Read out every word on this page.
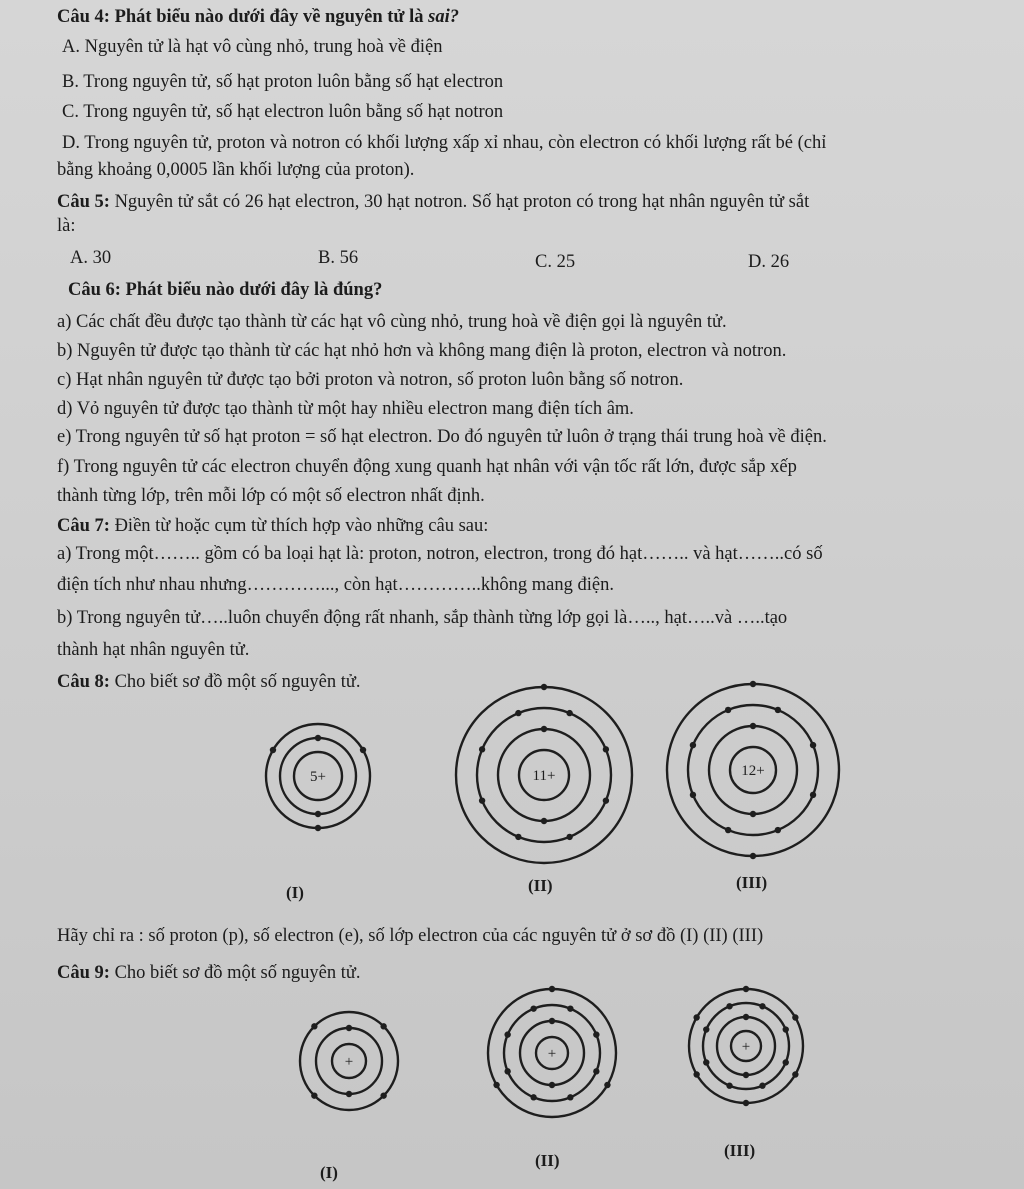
Câu 4: Phát biểu nào dưới đây về nguyên tử là sai?
A. Nguyên tử là hạt vô cùng nhỏ, trung hoà về điện
B. Trong nguyên tử, số hạt proton luôn bằng số hạt electron
C. Trong nguyên tử, số hạt electron luôn bằng số hạt notron
D. Trong nguyên tử, proton và notron có khối lượng xấp xỉ nhau, còn electron có khối lượng rất bé (chỉ
bằng khoảng 0,0005 lần khối lượng của proton).
Câu 5: Nguyên tử sắt có 26 hạt electron, 30 hạt notron. Số hạt proton có trong hạt nhân nguyên tử sắt
là:
A. 30	B. 56	C. 25	D. 26
Câu 6: Phát biểu nào dưới đây là đúng?
a) Các chất đều được tạo thành từ các hạt vô cùng nhỏ, trung hoà về điện gọi là nguyên tử.
b) Nguyên tử được tạo thành từ các hạt nhỏ hơn và không mang điện là proton, electron và notron.
c) Hạt nhân nguyên tử được tạo bởi proton và notron, số proton luôn bằng số notron.
d) Vỏ nguyên tử được tạo thành từ một hay nhiều electron mang điện tích âm.
e) Trong nguyên tử số hạt proton = số hạt electron. Do đó nguyên tử luôn ở trạng thái trung hoà về điện.
f) Trong nguyên tử các electron chuyển động xung quanh hạt nhân với vận tốc rất lớn, được sắp xếp
thành từng lớp, trên mỗi lớp có một số electron nhất định.
Câu 7: Điền từ hoặc cụm từ thích hợp vào những câu sau:
a) Trong một…….. gồm có ba loại hạt là: proton, notron, electron, trong đó hạt…….. và hạt……..có số
điện tích như nhau nhưng…………..., còn hạt…………..không mang điện.
b) Trong nguyên tử…..luôn chuyển động rất nhanh, sắp thành từng lớp gọi là….., hạt…..và …..tạo
thành hạt nhân nguyên tử.
Câu 8: Cho biết sơ đồ một số nguyên tử.
5+	11+	12+
(I)	(II)	(III)
Hãy chỉ ra : số proton (p), số electron (e), số lớp electron của các nguyên tử ở sơ đồ (I) (II) (III)
Câu 9: Cho biết sơ đồ một số nguyên tử.
+	+	+
(I)
(II)
(III)
